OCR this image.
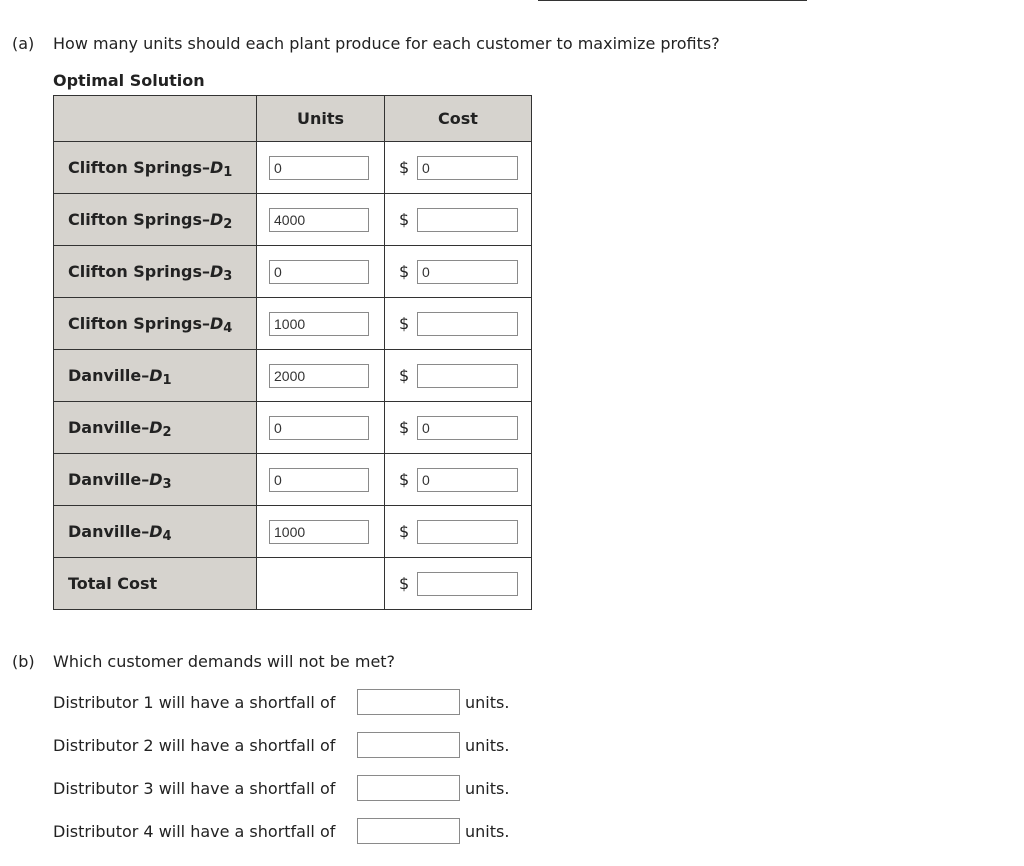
(a) How many units should each plant produce for each customer to maximize profits?
Optimal Solution
	Units	Cost
Clifton Springs–$D_1$	0	$ 0

Clifton Springs–$D_2$	4000	$

Clifton Springs–$D_3$	0	$ 0

Clifton Springs–$D_4$	1000	$

Danville–$D_1$	2000	$

Danville–$D_2$	0	$ 0

Danville–$D_3$	0	$ 0

Danville–$D_4$	1000	$

Total Cost		$
(b) Which customer demands will not be met?
Distributor 1 will have a shortfall of	units.
Distributor 2 will have a shortfall of	units.
Distributor 3 will have a shortfall of	units.
Distributor 4 will have a shortfall of	units.
